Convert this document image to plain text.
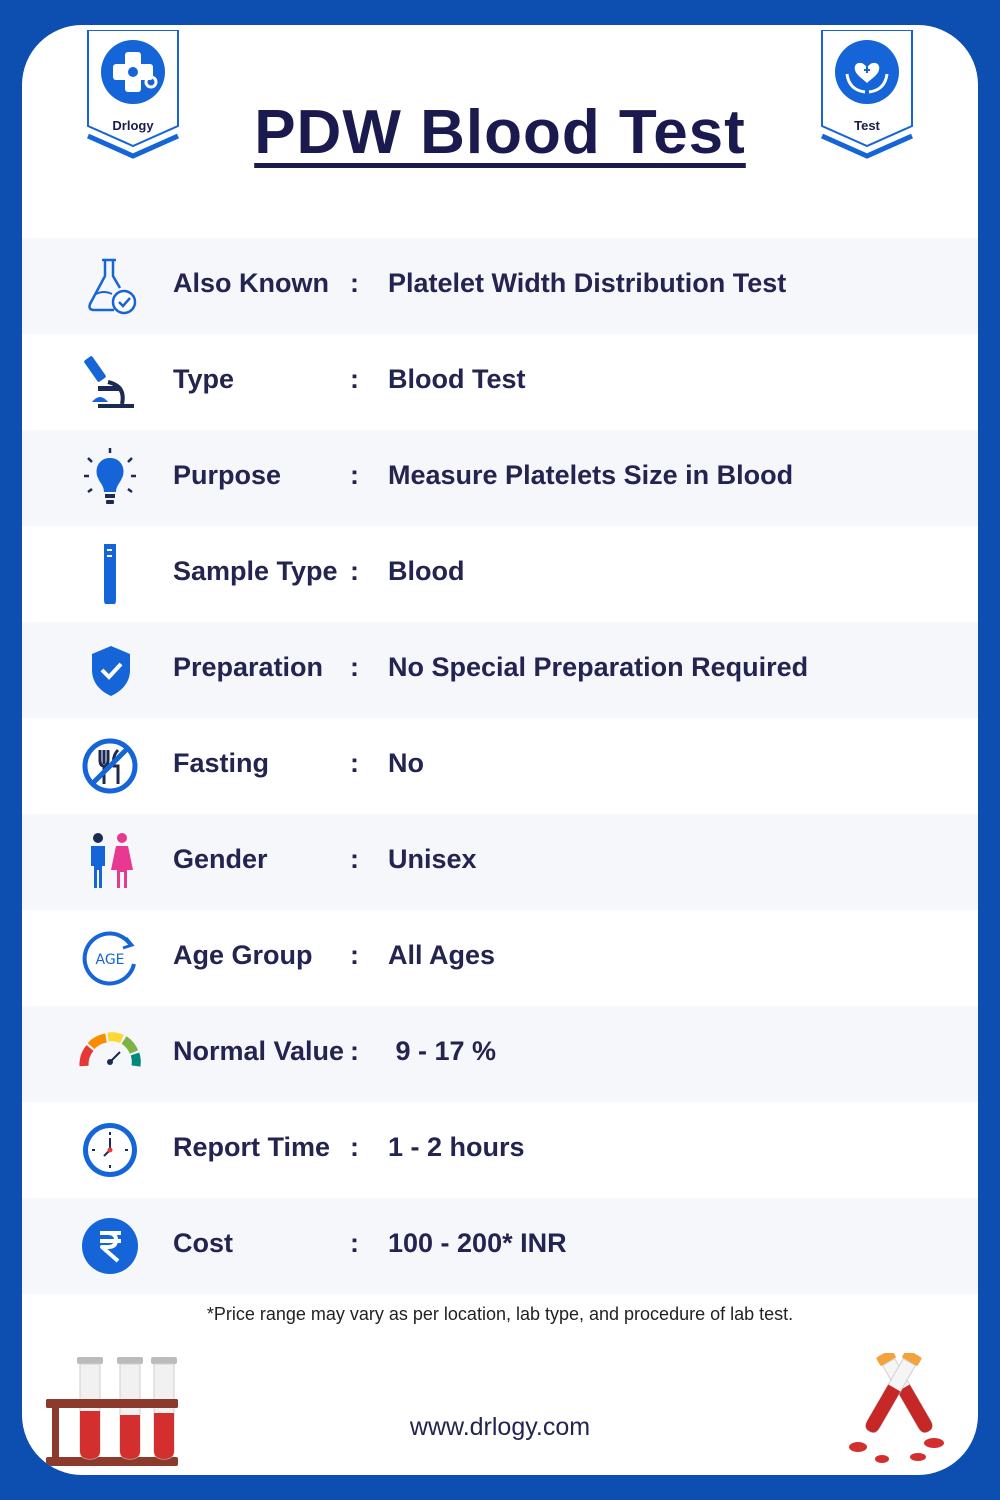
Drlogy	Test
PDW Blood Test
Also Known : Platelet Width Distribution Test
Type	: Blood Test
Purpose	: Measure Platelets Size in Blood
Sample Type : Blood
Preparation : No Special Preparation Required
Fasting	: No
Gender	: Unisex
AGE Age Group : All Ages
Normal Value : 9 - 17 %
Report Time : 1 - 2 hours
Cost	: 100 - 200* INR
*Price range may vary as per location, lab type, and procedure of lab test.
www.drlogy.com
